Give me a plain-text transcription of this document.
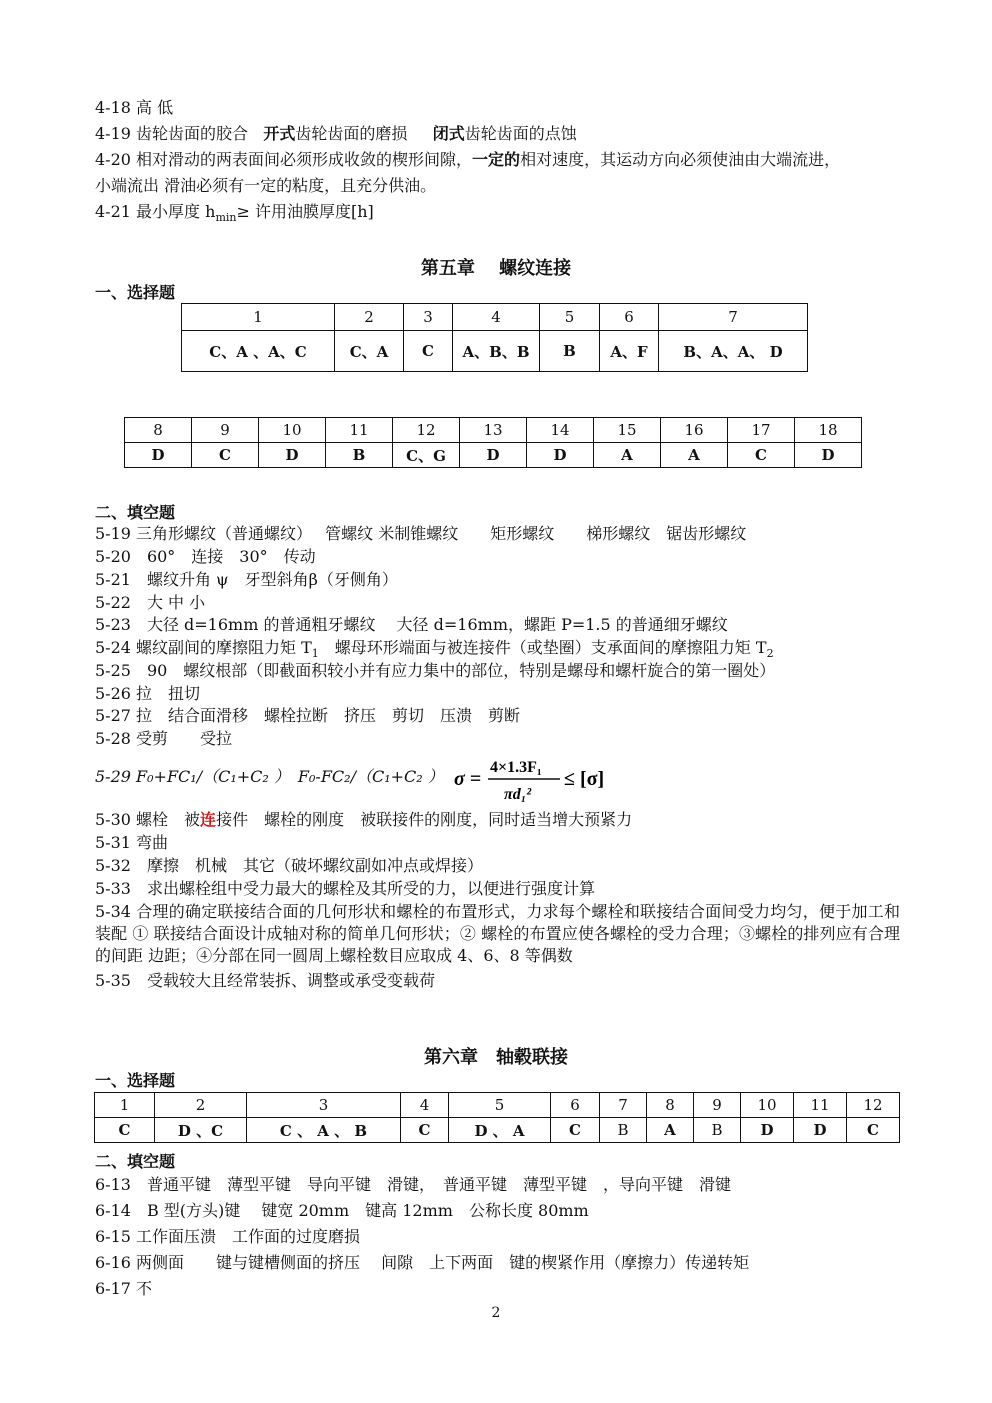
4-18 高 低
4-19 齿轮齿面的胶合 开式齿轮齿面的磨损 闭式齿轮齿面的点蚀
4-20 相对滑动的两表面间必须形成收敛的楔形间隙，一定的相对速度，其运动方向必须使油由大端流进，
小端流出 滑油必须有一定的粘度，且充分供油。
4-21 最小厚度 $h_{min}\ge$ 许用油膜厚度[h]
第五章　 螺纹连接
一、选择题
1	2	3	4	5	6	7
C、A 、A、C	C、A	C	A、B、B	B	A、F	B、A、A、 D
8	9	10	11	12	13	14	15	16	17	18
D	C	D	B	C、G	D	D	A	A	C	D
二、填空题
5-19 三角形螺纹（普通螺纹）　 管螺纹 米制锥螺纹　　矩形螺纹　　梯形螺纹　锯齿形螺纹
5-20　60°　连接　30°　传动
5-21　螺纹升角 ψ　牙型斜角β（牙侧角）
5-22　大 中 小
5-23　大径 d=16mm 的普通粗牙螺纹　 大径 d=16mm，螺距 P=1.5 的普通细牙螺纹
5-24 螺纹副间的摩擦阻力矩 $T_1$　螺母环形端面与被连接件（或垫圈）支承面间的摩擦阻力矩 $T_2$
5-25　90　螺纹根部（即截面积较小并有应力集中的部位，特别是螺母和螺杆旋合的第一圈处）
5-26 拉　扭切
5-27 拉　结合面滑移　螺栓拉断　挤压　剪切　压溃　剪断
5-28 受剪　　受拉
5-29 F₀+FC₁/（C₁+C₂ ）　F₀-FC₂/（C₁+C₂ ） σ =
4×1.3F₁
πd₁²
≤ [σ]
5-30 螺栓　被连接件　螺栓的刚度　被联接件的刚度，同时适当增大预紧力
5-31 弯曲
5-32　摩擦　机械　其它（破坏螺纹副如冲点或焊接）
5-33　求出螺栓组中受力最大的螺栓及其所受的力，以便进行强度计算
5-34 合理的确定联接结合面的几何形状和螺栓的布置形式，力求每个螺栓和联接结合面间受力均匀，便于加工和装配 ① 联接结合面设计成轴对称的简单几何形状；② 螺栓的布置应使各螺栓的受力合理；③螺栓的排列应有合理的间距 边距；④分部在同一圆周上螺栓数目应取成 4、6、8 等偶数
5-35　受载较大且经常装拆、调整或承受变载荷
第六章　轴毂联接
一、选择题
1	2	3	4	5	6	7	8	9	10	11	12
C	D 、C	C 、 A 、 B	C	D 、 A	C	B	A	B	D	D	C
二、填空题
6-13　普通平键　薄型平键　导向平键　滑键，　普通平键　薄型平键　，导向平键　滑键
6-14　B 型(方头)键　 键宽 20mm　键高 12mm　公称长度 80mm
6-15 工作面压溃　工作面的过度磨损
6-16 两侧面　　键与键槽侧面的挤压　 间隙　上下两面　键的楔紧作用（摩擦力）传递转矩
6-17 不
2
